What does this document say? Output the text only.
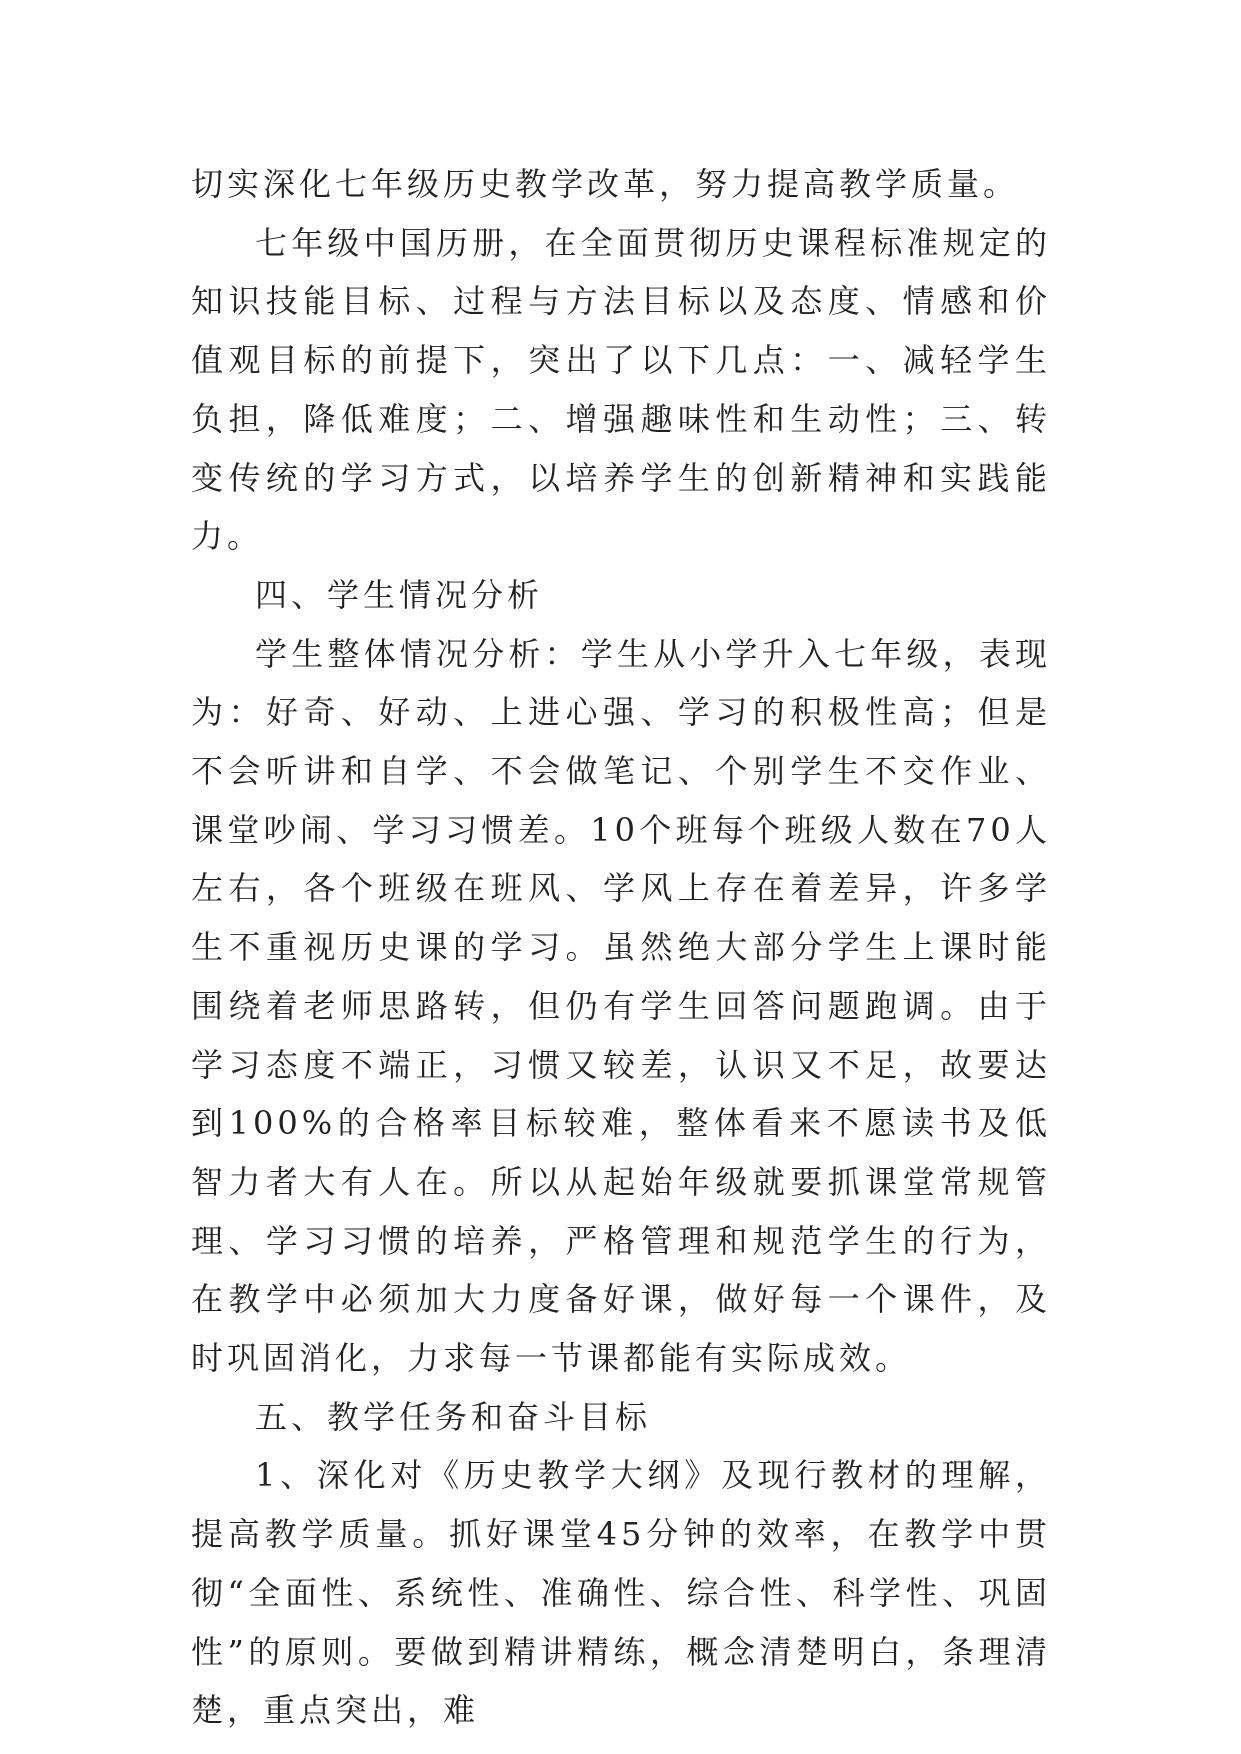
切实深化七年级历史教学改革，努力提高教学质量。

七年级中国历册，在全面贯彻历史课程标准规定的知识技能目标、过程与方法目标以及态度、情感和价值观目标的前提下，突出了以下几点：一、减轻学生负担，降低难度；二、增强趣味性和生动性；三、转变传统的学习方式，以培养学生的创新精神和实践能力。

四、学生情况分析

学生整体情况分析：学生从小学升入七年级，表现为：好奇、好动、上进心强、学习的积极性高；但是不会听讲和自学、不会做笔记、个别学生不交作业、课堂吵闹、学习习惯差。10个班每个班级人数在70人左右，各个班级在班风、学风上存在着差异，许多学生不重视历史课的学习。虽然绝大部分学生上课时能围绕着老师思路转，但仍有学生回答问题跑调。由于学习态度不端正，习惯又较差，认识又不足，故要达到100%的合格率目标较难，整体看来不愿读书及低智力者大有人在。所以从起始年级就要抓课堂常规管理、学习习惯的培养，严格管理和规范学生的行为，在教学中必须加大力度备好课，做好每一个课件，及时巩固消化，力求每一节课都能有实际成效。

五、教学任务和奋斗目标

1、深化对《历史教学大纲》及现行教材的理解，提高教学质量。抓好课堂45分钟的效率，在教学中贯彻“全面性、系统性、准确性、综合性、科学性、巩固性”的原则。要做到精讲精练，概念清楚明白，条理清楚，重点突出，难
